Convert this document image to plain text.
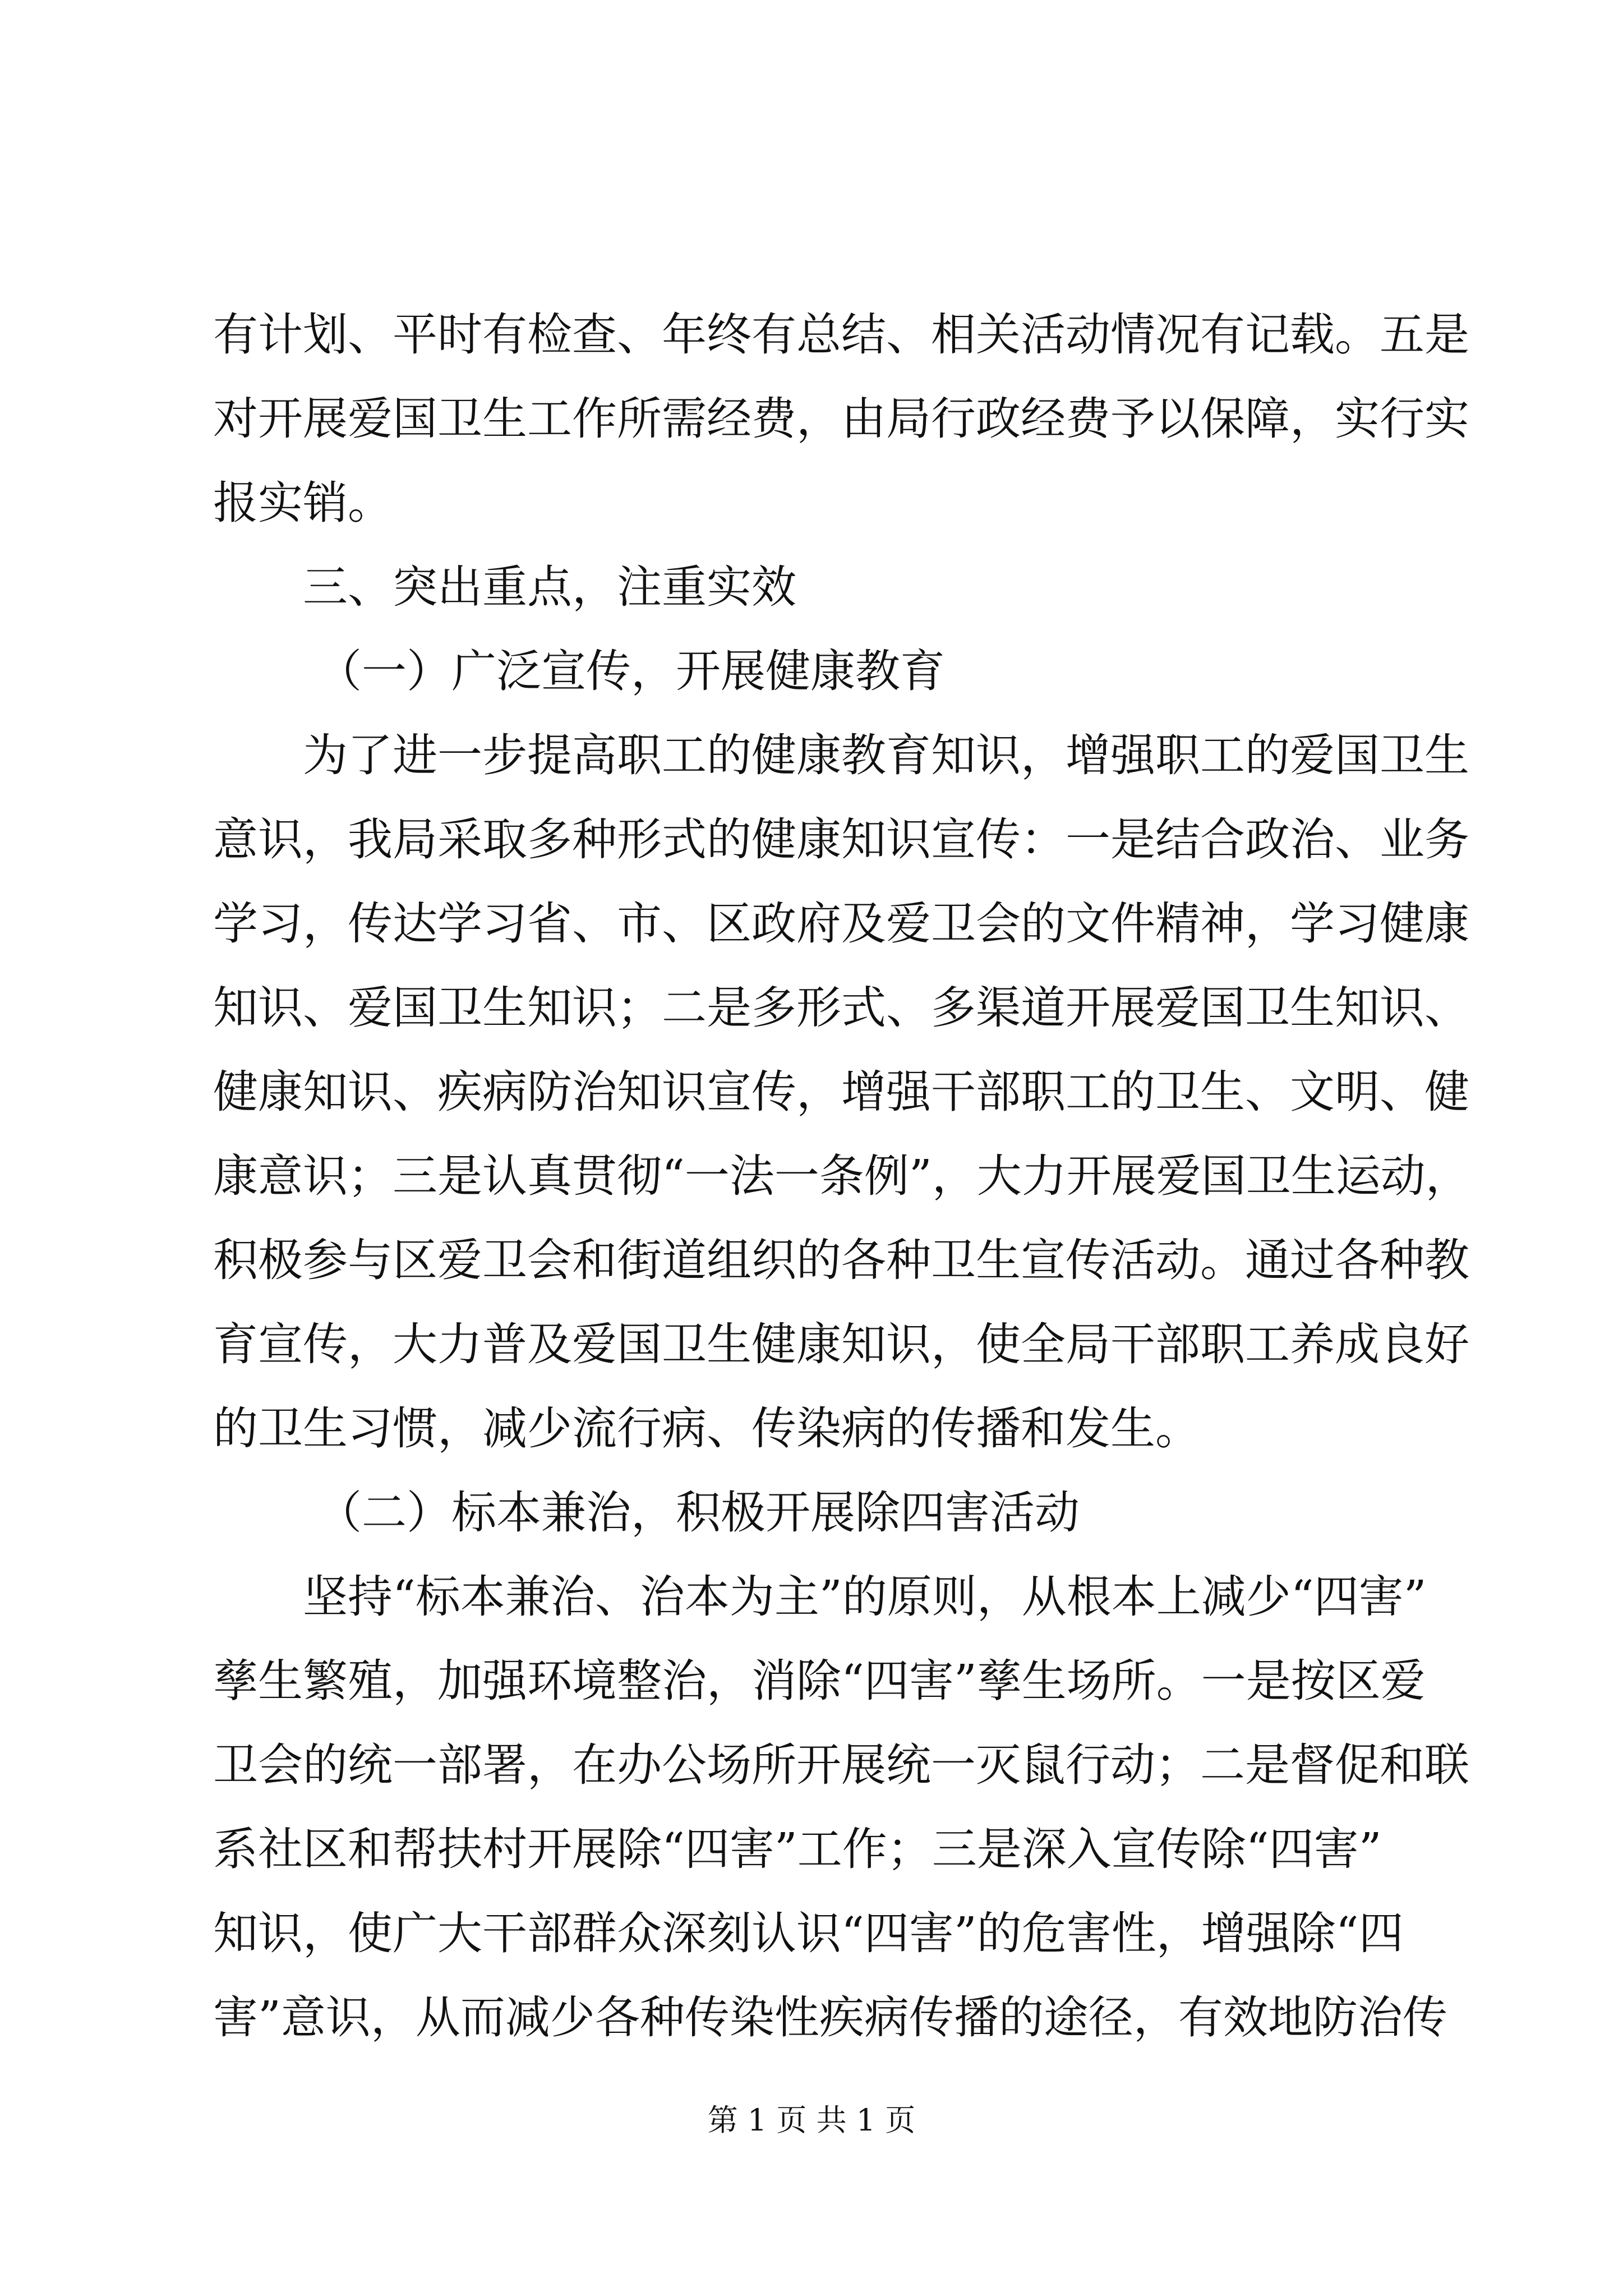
有计划、平时有检查、年终有总结、相关活动情况有记载。五是
对开展爱国卫生工作所需经费，由局行政经费予以保障，实行实
报实销。
三、突出重点，注重实效
（一）广泛宣传，开展健康教育
为了进一步提高职工的健康教育知识，增强职工的爱国卫生
意识，我局采取多种形式的健康知识宣传：一是结合政治、业务
学习，传达学习省、市、区政府及爱卫会的文件精神，学习健康
知识、爱国卫生知识；二是多形式、多渠道开展爱国卫生知识、
健康知识、疾病防治知识宣传，增强干部职工的卫生、文明、健
康意识；三是认真贯彻“一法一条例”，大力开展爱国卫生运动，
积极参与区爱卫会和街道组织的各种卫生宣传活动。通过各种教
育宣传，大力普及爱国卫生健康知识，使全局干部职工养成良好
的卫生习惯，减少流行病、传染病的传播和发生。
（二）标本兼治，积极开展除四害活动
坚持“标本兼治、治本为主”的原则，从根本上减少“四害”
孳生繁殖，加强环境整治，消除“四害”孳生场所。一是按区爱
卫会的统一部署，在办公场所开展统一灭鼠行动；二是督促和联
系社区和帮扶村开展除“四害”工作；三是深入宣传除“四害”
知识，使广大干部群众深刻认识“四害”的危害性，增强除“四
害”意识，从而减少各种传染性疾病传播的途径，有效地防治传
第 1 页 共 1 页
